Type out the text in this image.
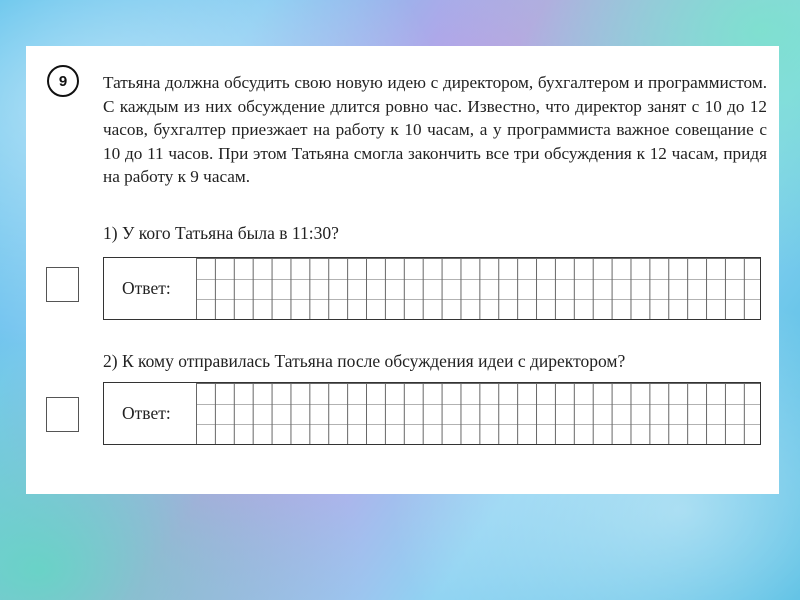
9	Татьяна должна обсудить свою новую идею с директором, бухгалтером и программистом. С каждым из них обсуждение длится ровно час. Известно, что директор занят с 10 до 12 часов, бухгалтер приезжает на работу к 10 часам, а у программиста важное совещание с 10 до 11 часов. При этом Татьяна смогла закончить все три обсуждения к 12 часам, придя на работу к 9 часам.

1) У кого Татьяна была в 11:30?

Ответ:

2) К кому отправилась Татьяна после обсуждения идеи с директором?

Ответ:
